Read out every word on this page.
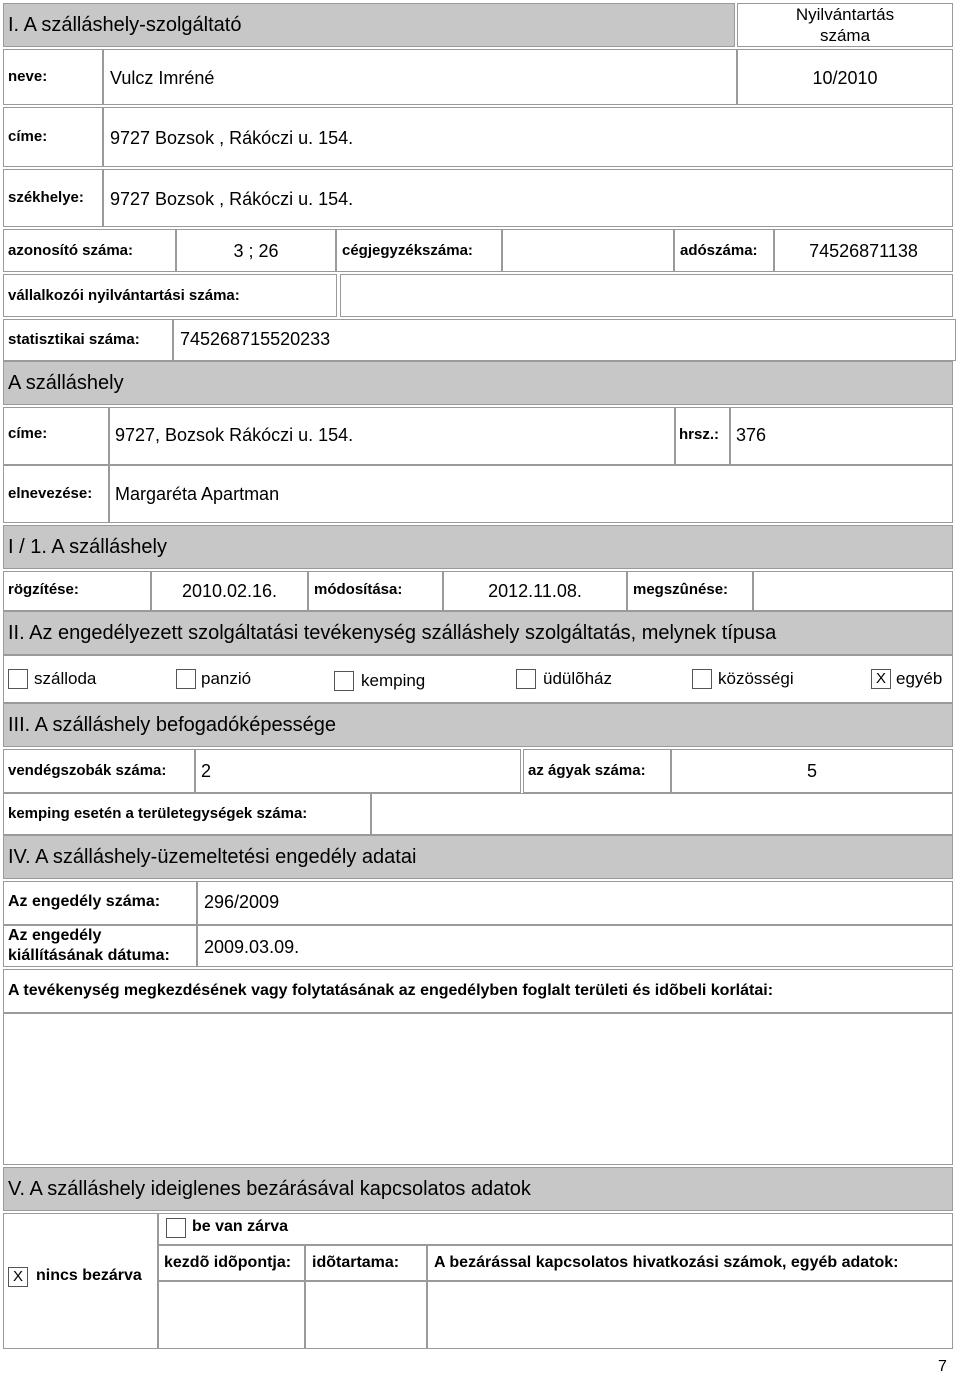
I. A szálláshely-szolgáltató	Nyilvántartás
száma
neve:	Vulcz Imréné	10/2010
címe:	9727 Bozsok , Rákóczi u. 154.
székhelye: 9727 Bozsok , Rákóczi u. 154.
azonosító száma:	3 ; 26	cégjegyzékszáma:	adószáma:	74526871138
vállalkozói nyilvántartási száma:
statisztikai száma: 745268715520233
A szálláshely
címe:	9727, Bozsok Rákóczi u. 154.	hrsz.: 376
elnevezése: Margaréta Apartman
I / 1. A szálláshely
rögzítése:	2010.02.16.	módosítása:	2012.11.08.	megszûnése:
II. Az engedélyezett szolgáltatási tevékenység szálláshely szolgáltatás, melynek típusa
szálloda	panzió	kemping	üdülõház	közösségi	X egyéb
III. A szálláshely befogadóképessége
vendégszobák száma: 2	az ágyak száma:	5
kemping esetén a területegységek száma:
IV. A szálláshely-üzemeltetési engedély adatai
Az engedély száma: 296/2009
Az engedély
kiállításának dátuma: 2009.03.09.
A tevékenység megkezdésének vagy folytatásának az engedélyben foglalt területi és idõbeli korlátai:
V. A szálláshely ideiglenes bezárásával kapcsolatos adatok
X nincs bezárva
be van zárva
kezdõ idõpontja: idõtartama: A bezárással kapcsolatos hivatkozási számok, egyéb adatok:
7
